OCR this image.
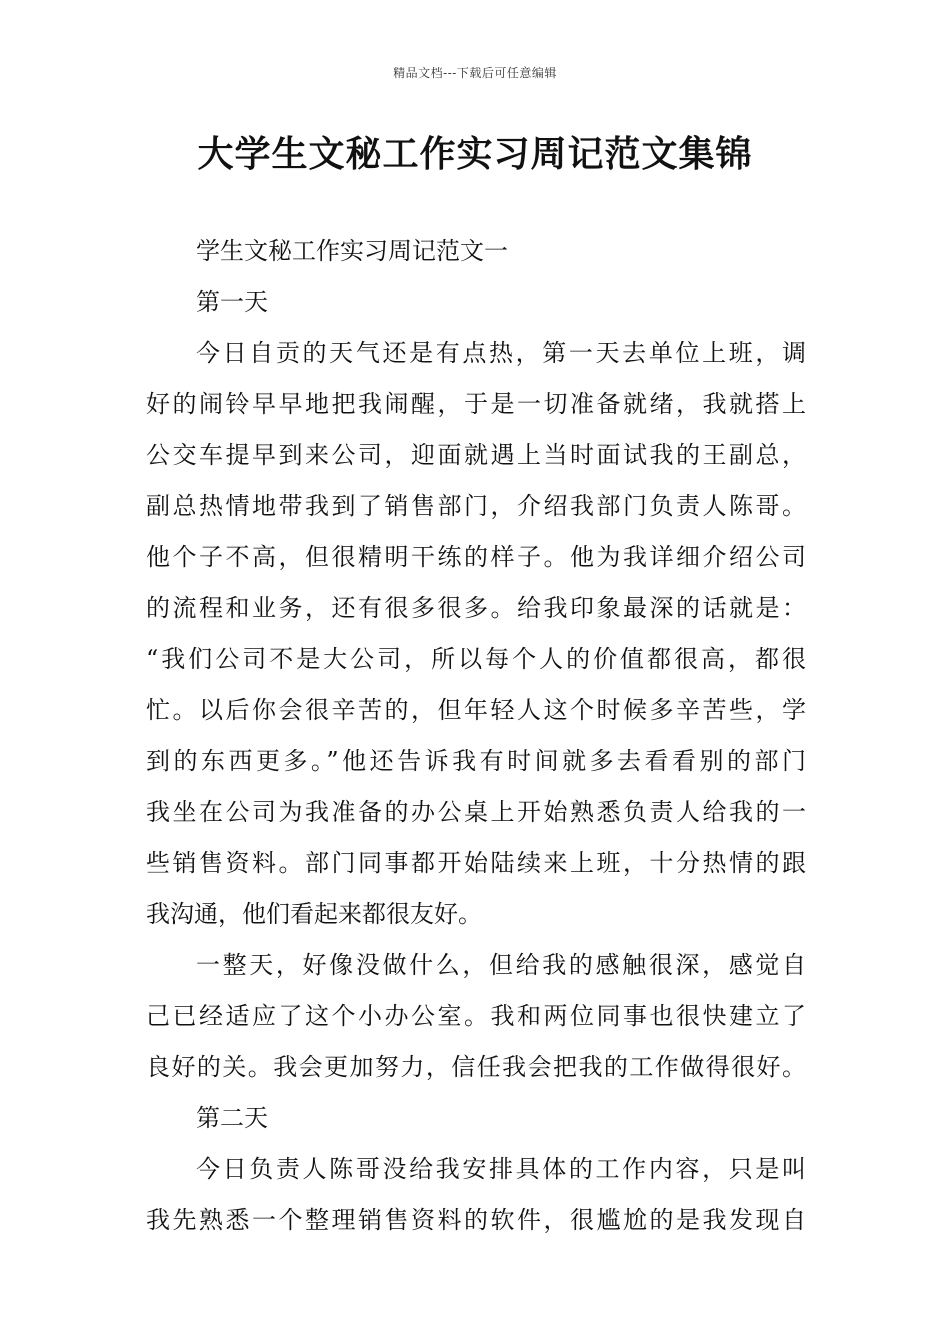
精品文档---下载后可任意编辑
大学生文秘工作实习周记范文集锦
学生文秘工作实习周记范文一
第一天
今日自贡的天气还是有点热，第一天去单位上班，调
好的闹铃早早地把我闹醒，于是一切准备就绪，我就搭上
公交车提早到来公司，迎面就遇上当时面试我的王副总，
副总热情地带我到了销售部门，介绍我部门负责人陈哥。
他个子不高，但很精明干练的样子。他为我详细介绍公司
的流程和业务，还有很多很多。给我印象最深的话就是：
“我们公司不是大公司，所以每个人的价值都很高，都很
忙。以后你会很辛苦的，但年轻人这个时候多辛苦些，学
到的东西更多。”他还告诉我有时间就多去看看别的部门
我坐在公司为我准备的办公桌上开始熟悉负责人给我的一
些销售资料。部门同事都开始陆续来上班，十分热情的跟
我沟通，他们看起来都很友好。
一整天，好像没做什么，但给我的感触很深，感觉自
己已经适应了这个小办公室。我和两位同事也很快建立了
良好的关。我会更加努力，信任我会把我的工作做得很好。
第二天
今日负责人陈哥没给我安排具体的工作内容，只是叫
我先熟悉一个整理销售资料的软件，很尴尬的是我发现自
